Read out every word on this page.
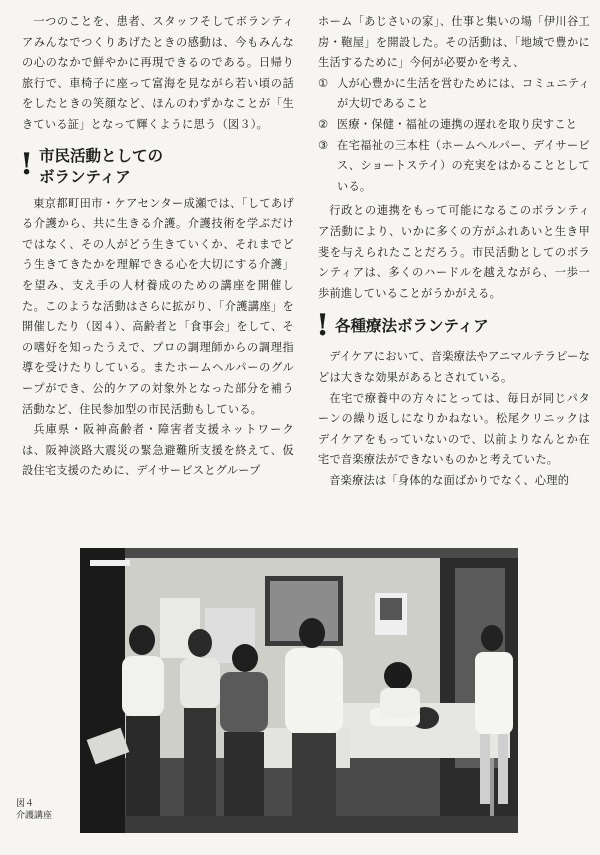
一つのことを、患者、スタッフそしてボランティアみんなでつくりあげたときの感動は、今もみんなの心のなかで鮮やかに再現できるのである。日帰り旅行で、車椅子に座って富海を見ながら若い頃の話をしたときの笑顔など、ほんのわずかなことが「生きている証」となって輝くように思う（図３）。

! 市民活動としての
ボランティア

東京都町田市・ケアセンター成瀬では、「してあげる介護から、共に生きる介護。介護技術を学ぶだけではなく、その人がどう生きていくか、それまでどう生きてきたかを理解できる心を大切にする介護」を望み、支え手の人材養成のための講座を開催した。このような活動はさらに拡がり、「介護講座」を開催したり（図４）、高齢者と「食事会」をして、その嗜好を知ったうえで、プロの調理師からの調理指導を受けたりしている。またホームヘルパーのグループができ、公的ケアの対象外となった部分を補う活動など、住民参加型の市民活動もしている。

兵庫県・阪神高齢者・障害者支援ネットワークは、阪神淡路大震災の緊急避難所支援を終えて、仮設住宅支援のために、デイサービスとグループ

ホーム「あじさいの家」、仕事と集いの場「伊川谷工房・鞄屋」を開設した。その活動は、「地域で豊かに生活するために」今何が必要かを考え、

① 人が心豊かに生活を営むためには、コミュニティが大切であること
② 医療・保健・福祉の連携の遅れを取り戻すこと
③ 在宅福祉の三本柱（ホームヘルパー、デイサービス、ショートステイ）の充実をはかることとしている。

行政との連携をもって可能になるこのボランティア活動により、いかに多くの方がふれあいと生き甲斐を与えられたことだろう。市民活動としてのボランティアは、多くのハードルを越えながら、一歩一歩前進していることがうかがえる。

! 各種療法ボランティア

デイケアにおいて、音楽療法やアニマルテラピーなどは大きな効果があるとされている。

在宅で療養中の方々にとっては、毎日が同じパターンの繰り返しになりかねない。松尾クリニックはデイケアをもっていないので、以前よりなんとか在宅で音楽療法ができないものかと考えていた。

音楽療法は「身体的な面ばかりでなく、心理的

図４
介護講座
